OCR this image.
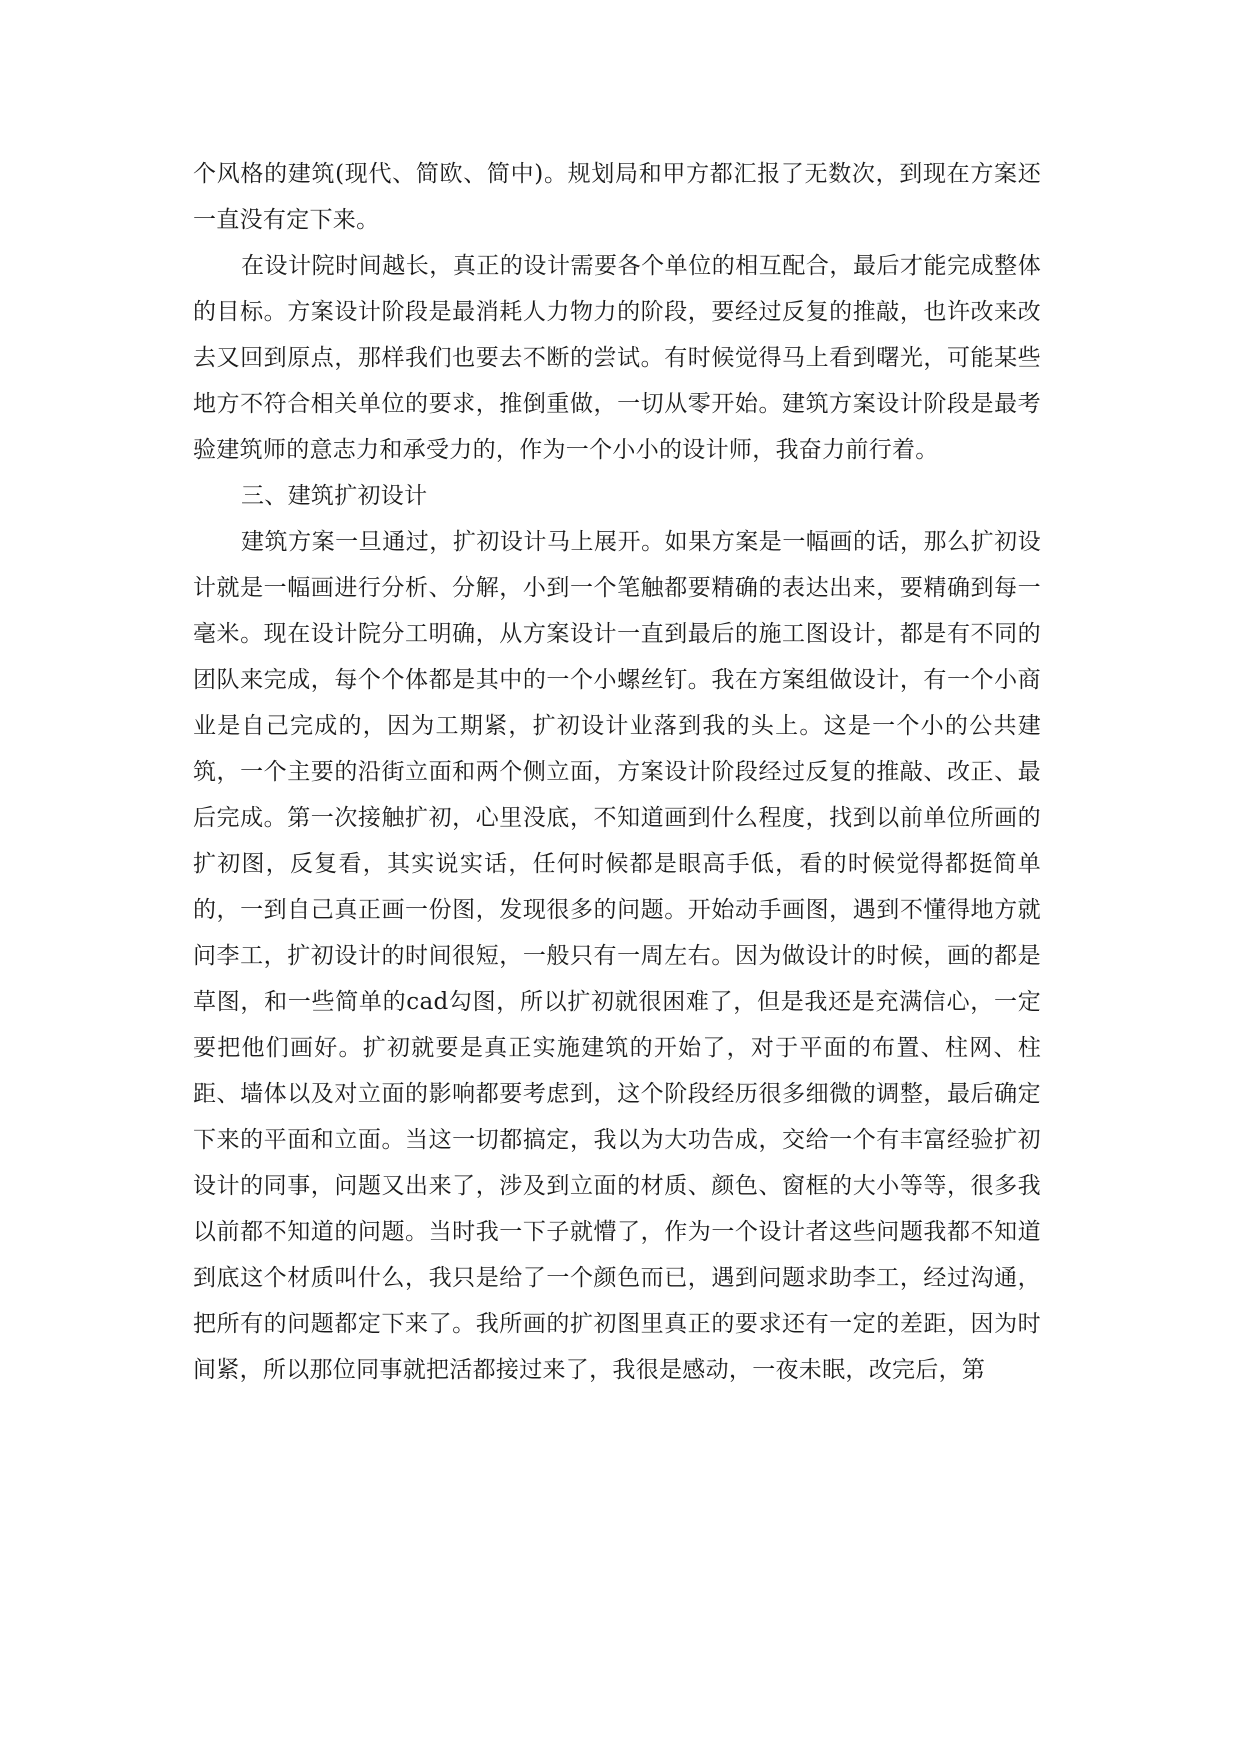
个风格的建筑(现代、简欧、简中)。规划局和甲方都汇报了无数次，到现在方案还一直没有定下来。

在设计院时间越长，真正的设计需要各个单位的相互配合，最后才能完成整体的目标。方案设计阶段是最消耗人力物力的阶段，要经过反复的推敲，也许改来改去又回到原点，那样我们也要去不断的尝试。有时候觉得马上看到曙光，可能某些地方不符合相关单位的要求，推倒重做，一切从零开始。建筑方案设计阶段是最考验建筑师的意志力和承受力的，作为一个小小的设计师，我奋力前行着。

三、建筑扩初设计

建筑方案一旦通过，扩初设计马上展开。如果方案是一幅画的话，那么扩初设计就是一幅画进行分析、分解，小到一个笔触都要精确的表达出来，要精确到每一毫米。现在设计院分工明确，从方案设计一直到最后的施工图设计，都是有不同的团队来完成，每个个体都是其中的一个小螺丝钉。我在方案组做设计，有一个小商业是自己完成的，因为工期紧，扩初设计业落到我的头上。这是一个小的公共建筑，一个主要的沿街立面和两个侧立面，方案设计阶段经过反复的推敲、改正、最后完成。第一次接触扩初，心里没底，不知道画到什么程度，找到以前单位所画的扩初图，反复看，其实说实话，任何时候都是眼高手低，看的时候觉得都挺简单的，一到自己真正画一份图，发现很多的问题。开始动手画图，遇到不懂得地方就问李工，扩初设计的时间很短，一般只有一周左右。因为做设计的时候，画的都是草图，和一些简单的cad勾图，所以扩初就很困难了，但是我还是充满信心，一定要把他们画好。扩初就要是真正实施建筑的开始了，对于平面的布置、柱网、柱距、墙体以及对立面的影响都要考虑到，这个阶段经历很多细微的调整，最后确定下来的平面和立面。当这一切都搞定，我以为大功告成，交给一个有丰富经验扩初设计的同事，问题又出来了，涉及到立面的材质、颜色、窗框的大小等等，很多我以前都不知道的问题。当时我一下子就懵了，作为一个设计者这些问题我都不知道到底这个材质叫什么，我只是给了一个颜色而已，遇到问题求助李工，经过沟通，把所有的问题都定下来了。我所画的扩初图里真正的要求还有一定的差距，因为时间紧，所以那位同事就把活都接过来了，我很是感动，一夜未眠，改完后，第
